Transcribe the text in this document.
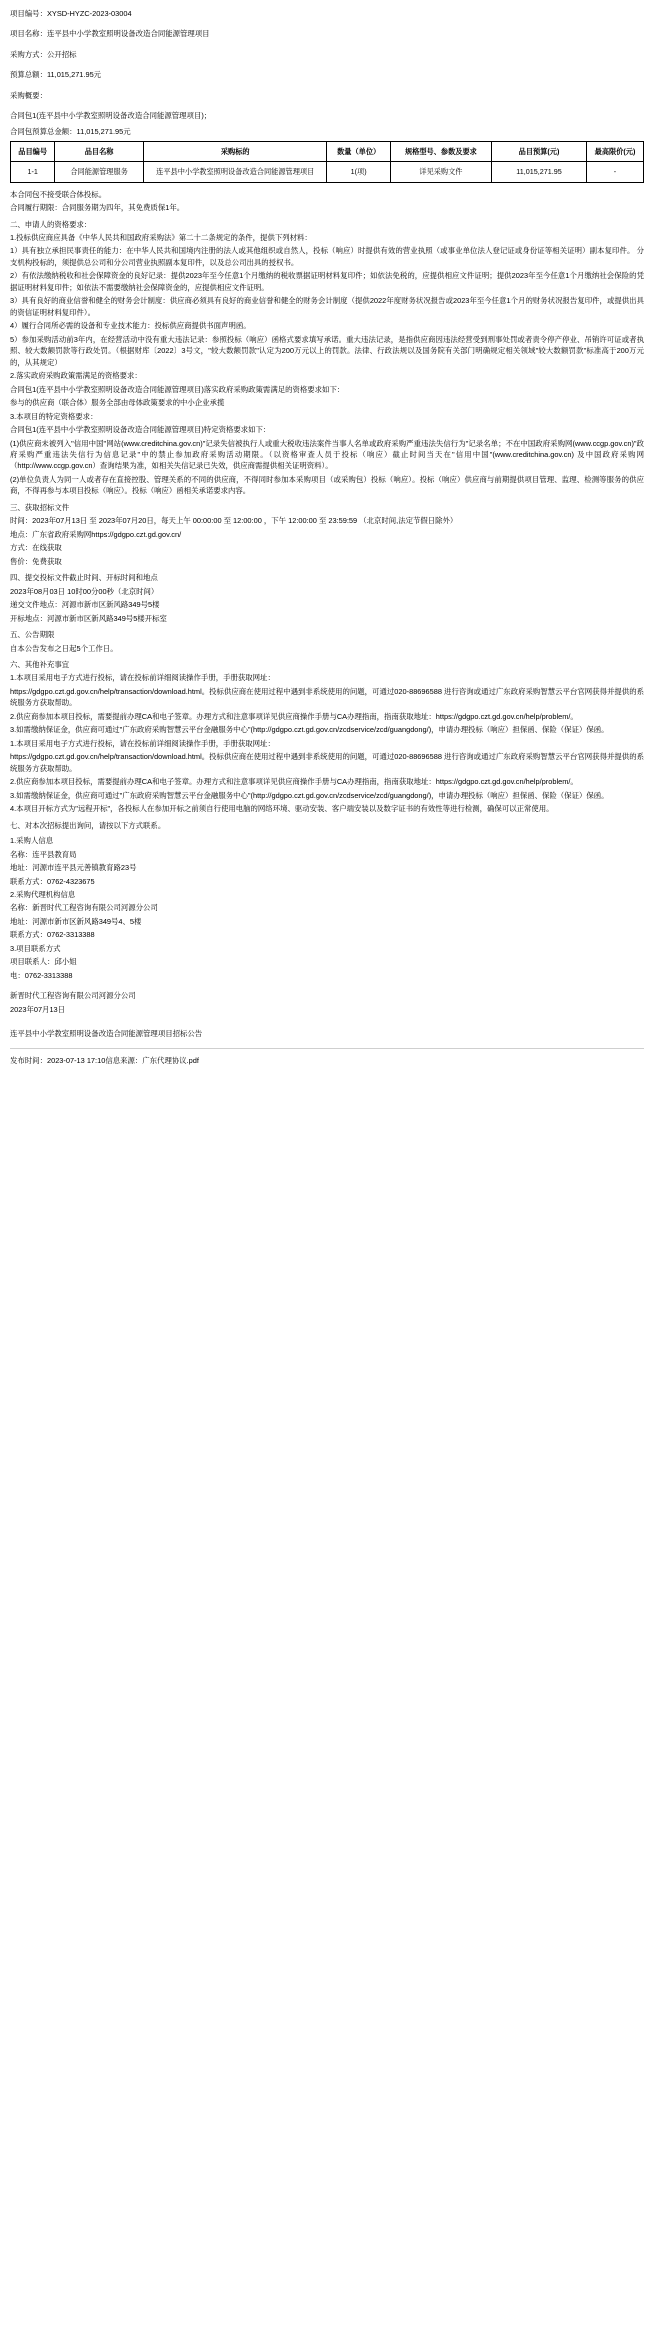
项目编号：XYSD-HYZC-2023-03004
项目名称：连平县中小学教室照明设备改造合同能源管理项目
采购方式：公开招标
预算总额：11,015,271.95元
采购概要：
合同包1(连平县中小学教室照明设备改造合同能源管理项目)；
合同包预算总金额：11,015,271.95元
品目编号	品目名称	采购标的	数量（单位）	规格型号、参数及要求	品目预算(元)	最高限价(元)
1-1	合同能源管理服务	连平县中小学教室照明设备改造合同能源管理项目	1(项)	详见采购文件	11,015,271.95	-

本合同包不接受联合体投标。

合同履行期限：合同服务期为四年，其免费质保1年。

二、申请人的资格要求：

1.投标供应商应具备《中华人民共和国政府采购法》第二十二条规定的条件，提供下列材料：

1）具有独立承担民事责任的能力：在中华人民共和国境内注册的法人或其他组织或自然人，投标（响应）时提供有效的营业执照（或事业单位法人登记证或身份证等相关证明）副本复印件。 分支机构投标的，须提供总公司和分公司营业执照副本复印件，以及总公司出具的授权书。

2）有依法缴纳税收和社会保障资金的良好记录：提供2023年至今任意1个月缴纳的税收票据证明材料复印件；如依法免税的，应提供相应文件证明；提供2023年至今任意1个月缴纳社会保险的凭据证明材料复印件；如依法不需要缴纳社会保障资金的，应提供相应文件证明。

3）具有良好的商业信誉和健全的财务会计制度：供应商必须具有良好的商业信誉和健全的财务会计制度（提供2022年度财务状况报告或2023年至今任意1个月的财务状况报告复印件，或提供出具的资信证明材料复印件）。

4）履行合同所必需的设备和专业技术能力：投标供应商提供书面声明函。

5）参加采购活动前3年内，在经营活动中没有重大违法记录：参照投标（响应）函格式要求填写承诺。重大违法记录，是指供应商因违法经营受到刑事处罚或者责令停产停业、吊销许可证或者执照、较大数额罚款等行政处罚。（根据财库〔2022〕3号文，"较大数额罚款"认定为200万元以上的罚款。法律、行政法规以及国务院有关部门明确规定相关领域"较大数额罚款"标准高于200万元的，从其规定）

2.落实政府采购政策需满足的资格要求：

合同包1(连平县中小学教室照明设备改造合同能源管理项目)落实政府采购政策需满足的资格要求如下：

参与的供应商（联合体）服务全部由母体政策要求的中小企业承揽

3.本项目的特定资格要求：

合同包1(连平县中小学教室照明设备改造合同能源管理项目)特定资格要求如下：

(1)供应商未被列入"信用中国"网站(www.creditchina.gov.cn)"记录失信被执行人或重大税收违法案件当事人名单或政府采购严重违法失信行为"记录名单；不在中国政府采购网(www.ccgp.gov.cn)"政府采购严重违法失信行为信息记录"中的禁止参加政府采购活动期限。（以资格审查人员于投标（响应）截止时间当天在"信用中国"(www.creditchina.gov.cn) 及中国政府采购网（http://www.ccgp.gov.cn）查询结果为准，如相关失信记录已失效，供应商需提供相关证明资料）。

(2)单位负责人为同一人或者存在直接控股、管理关系的不同的供应商，不得同时参加本采购项目（或采购包）投标（响应）。投标（响应）供应商与前期提供项目管理、监理、检测等服务的供应商，不得再参与本项目投标（响应）。投标（响应）函相关承诺要求内容。

三、获取招标文件

时间：2023年07月13日 至 2023年07月20日，每天上午 00:00:00 至 12:00:00 ，下午 12:00:00 至 23:59:59 （北京时间,法定节假日除外）

地点：广东省政府采购网https://gdgpo.czt.gd.gov.cn/

方式：在线获取

售价：免费获取

四、提交投标文件截止时间、开标时间和地点

2023年08月03日 10时00分00秒（北京时间）

递交文件地点：河源市新市区新风路349号5楼

开标地点：河源市新市区新风路349号5楼开标室

五、公告期限

自本公告发布之日起5个工作日。

六、其他补充事宜

1.本项目采用电子方式进行投标，请在投标前详细阅读操作手册，手册获取网址：

https://gdgpo.czt.gd.gov.cn/help/transaction/download.html。投标供应商在使用过程中遇到非系统使用的问题，可通过020-88696588 进行咨询或通过广东政府采购智慧云平台官网获得并提供的系统服务方获取帮助。

2.供应商参加本项目投标，需要提前办理CA和电子签章。办理方式和注意事项详见供应商操作手册与CA办理指南，指南获取地址：https://gdgpo.czt.gd.gov.cn/help/problem/。

3.如需缴纳保证金，供应商可通过"广东政府采购智慧云平台金融服务中心"(http://gdgpo.czt.gd.gov.cn/zcdservice/zcd/guangdong/)，申请办理投标（响应）担保函、保险（保证）保函。

1.本项目采用电子方式进行投标，请在投标前详细阅读操作手册，手册获取网址：

https://gdgpo.czt.gd.gov.cn/help/transaction/download.html。投标供应商在使用过程中遇到非系统使用的问题，可通过020-88696588 进行咨询或通过广东政府采购智慧云平台官网获得并提供的系统服务方获取帮助。

2.供应商参加本项目投标，需要提前办理CA和电子签章。办理方式和注意事项详见供应商操作手册与CA办理指南，指南获取地址：https://gdgpo.czt.gd.gov.cn/help/problem/。

3.如需缴纳保证金，供应商可通过"广东政府采购智慧云平台金融服务中心"(http://gdgpo.czt.gd.gov.cn/zcdservice/zcd/guangdong/)，申请办理投标（响应）担保函、保险（保证）保函。

4.本项目开标方式为"远程开标"，各投标人在参加开标之前须自行使用电脑的网络环境、驱动安装、客户端安装以及数字证书的有效性等进行检测，确保可以正常使用。

七、对本次招标提出询问，请按以下方式联系。

1.采购人信息
名称：连平县教育局
地址：河源市连平县元善镇教育路23号
联系方式：0762-4323675
2.采购代理机构信息
名称：新晋时代工程咨询有限公司河源分公司
地址：河源市新市区新风路349号4、5楼
联系方式：0762-3313388
3.项目联系方式
项目联系人：邱小姐
电：0762-3313388
新晋时代工程咨询有限公司河源分公司
2023年07月13日
连平县中小学教室照明设备改造合同能源管理项目招标公告
发布时间：2023-07-13 17:10信息来源：广东代理协议.pdf
